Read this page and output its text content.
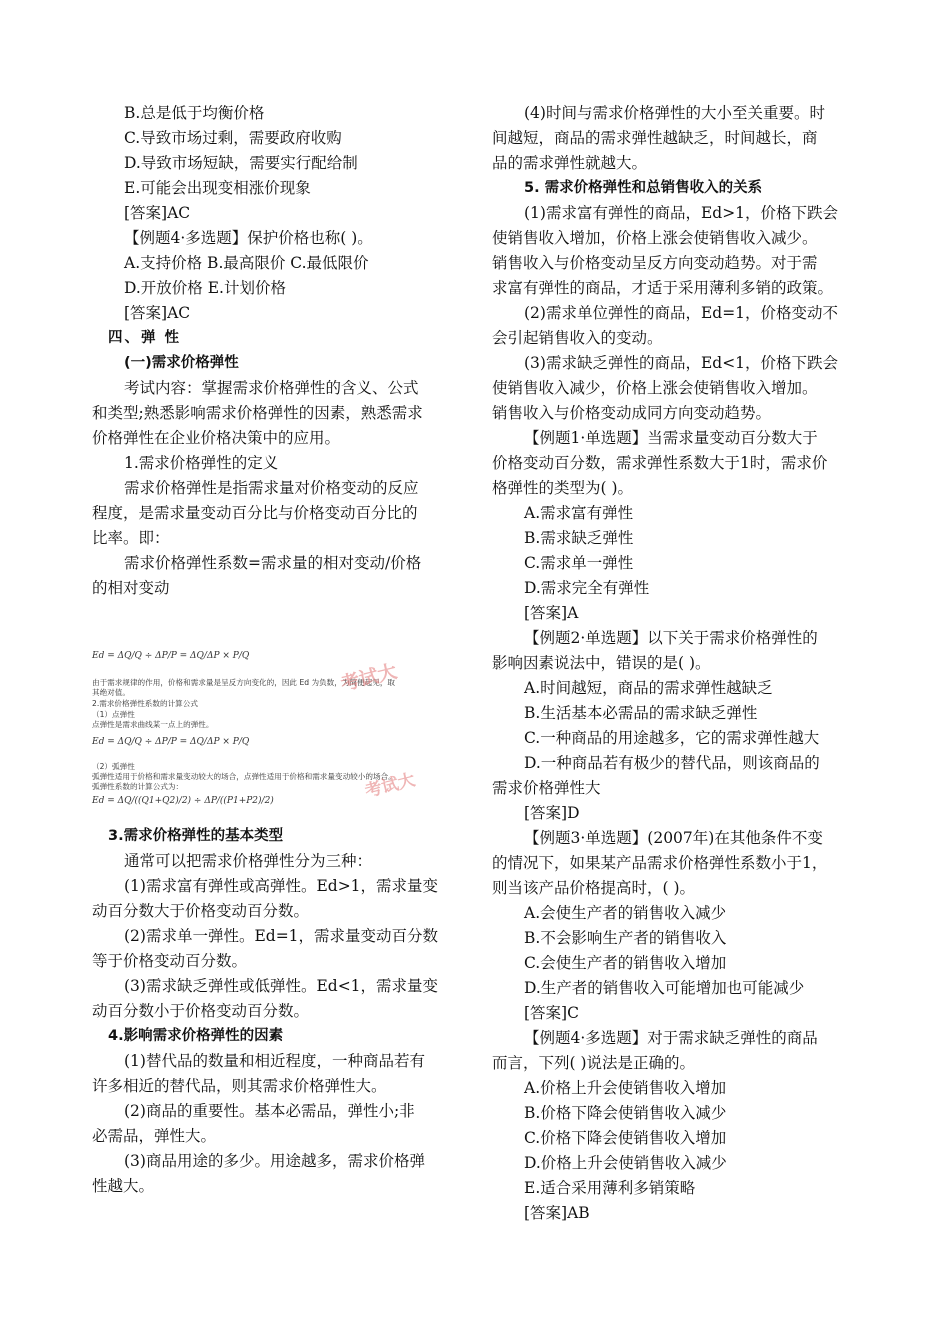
B.总是低于均衡价格
C.导致市场过剩，需要政府收购
D.导致市场短缺，需要实行配给制
E.可能会出现变相涨价现象
[答案]AC
【例题4·多选题】保护价格也称( )。
A.支持价格 B.最高限价 C.最低限价
D.开放价格 E.计划价格
[答案]AC
四、弹 性
(一)需求价格弹性
考试内容：掌握需求价格弹性的含义、公式
和类型;熟悉影响需求价格弹性的因素，熟悉需求
价格弹性在企业价格决策中的应用。
1.需求价格弹性的定义
需求价格弹性是指需求量对价格变动的反应
程度，是需求量变动百分比与价格变动百分比的
比率。即：
需求价格弹性系数=需求量的相对变动/价格
的相对变动
Ed = ΔQ/Q ÷ ΔP/P = ΔQ/ΔP × P/Q
由于需求规律的作用，价格和需求量是呈反方向变化的，因此 Ed 为负数，为简便起见，取
其绝对值。
2.需求价格弹性系数的计算公式
（1）点弹性
点弹性是需求曲线某一点上的弹性。
Ed = ΔQ/Q ÷ ΔP/P = ΔQ/ΔP × P/Q
（2）弧弹性
弧弹性适用于价格和需求量变动较大的场合，点弹性适用于价格和需求量变动较小的场合。
弧弹性系数的计算公式为：
Ed = ΔQ/((Q1+Q2)/2) ÷ ΔP/((P1+P2)/2)
考试大
考试大
3.需求价格弹性的基本类型
通常可以把需求价格弹性分为三种：
(1)需求富有弹性或高弹性。Ed>1，需求量变
动百分数大于价格变动百分数。
(2)需求单一弹性。Ed=1，需求量变动百分数
等于价格变动百分数。
(3)需求缺乏弹性或低弹性。Ed<1，需求量变
动百分数小于价格变动百分数。
4.影响需求价格弹性的因素
(1)替代品的数量和相近程度，一种商品若有
许多相近的替代品，则其需求价格弹性大。
(2)商品的重要性。基本必需品，弹性小;非
必需品，弹性大。
(3)商品用途的多少。用途越多，需求价格弹
性越大。
(4)时间与需求价格弹性的大小至关重要。时
间越短，商品的需求弹性越缺乏，时间越长，商
品的需求弹性就越大。
5. 需求价格弹性和总销售收入的关系
(1)需求富有弹性的商品，Ed>1，价格下跌会
使销售收入增加，价格上涨会使销售收入减少。
销售收入与价格变动呈反方向变动趋势。对于需
求富有弹性的商品，才适于采用薄利多销的政策。
(2)需求单位弹性的商品，Ed=1，价格变动不
会引起销售收入的变动。
(3)需求缺乏弹性的商品，Ed<1，价格下跌会
使销售收入减少，价格上涨会使销售收入增加。
销售收入与价格变动成同方向变动趋势。
【例题1·单选题】当需求量变动百分数大于
价格变动百分数，需求弹性系数大于1时，需求价
格弹性的类型为( )。
A.需求富有弹性
B.需求缺乏弹性
C.需求单一弹性
D.需求完全有弹性
[答案]A
【例题2·单选题】以下关于需求价格弹性的
影响因素说法中，错误的是( )。
A.时间越短，商品的需求弹性越缺乏
B.生活基本必需品的需求缺乏弹性
C.一种商品的用途越多，它的需求弹性越大
D.一种商品若有极少的替代品，则该商品的
需求价格弹性大
[答案]D
【例题3·单选题】(2007年)在其他条件不变
的情况下，如果某产品需求价格弹性系数小于1，
则当该产品价格提高时，( )。
A.会使生产者的销售收入减少
B.不会影响生产者的销售收入
C.会使生产者的销售收入增加
D.生产者的销售收入可能增加也可能减少
[答案]C
【例题4·多选题】对于需求缺乏弹性的商品
而言，下列( )说法是正确的。
A.价格上升会使销售收入增加
B.价格下降会使销售收入减少
C.价格下降会使销售收入增加
D.价格上升会使销售收入减少
E.适合采用薄利多销策略
[答案]AB
